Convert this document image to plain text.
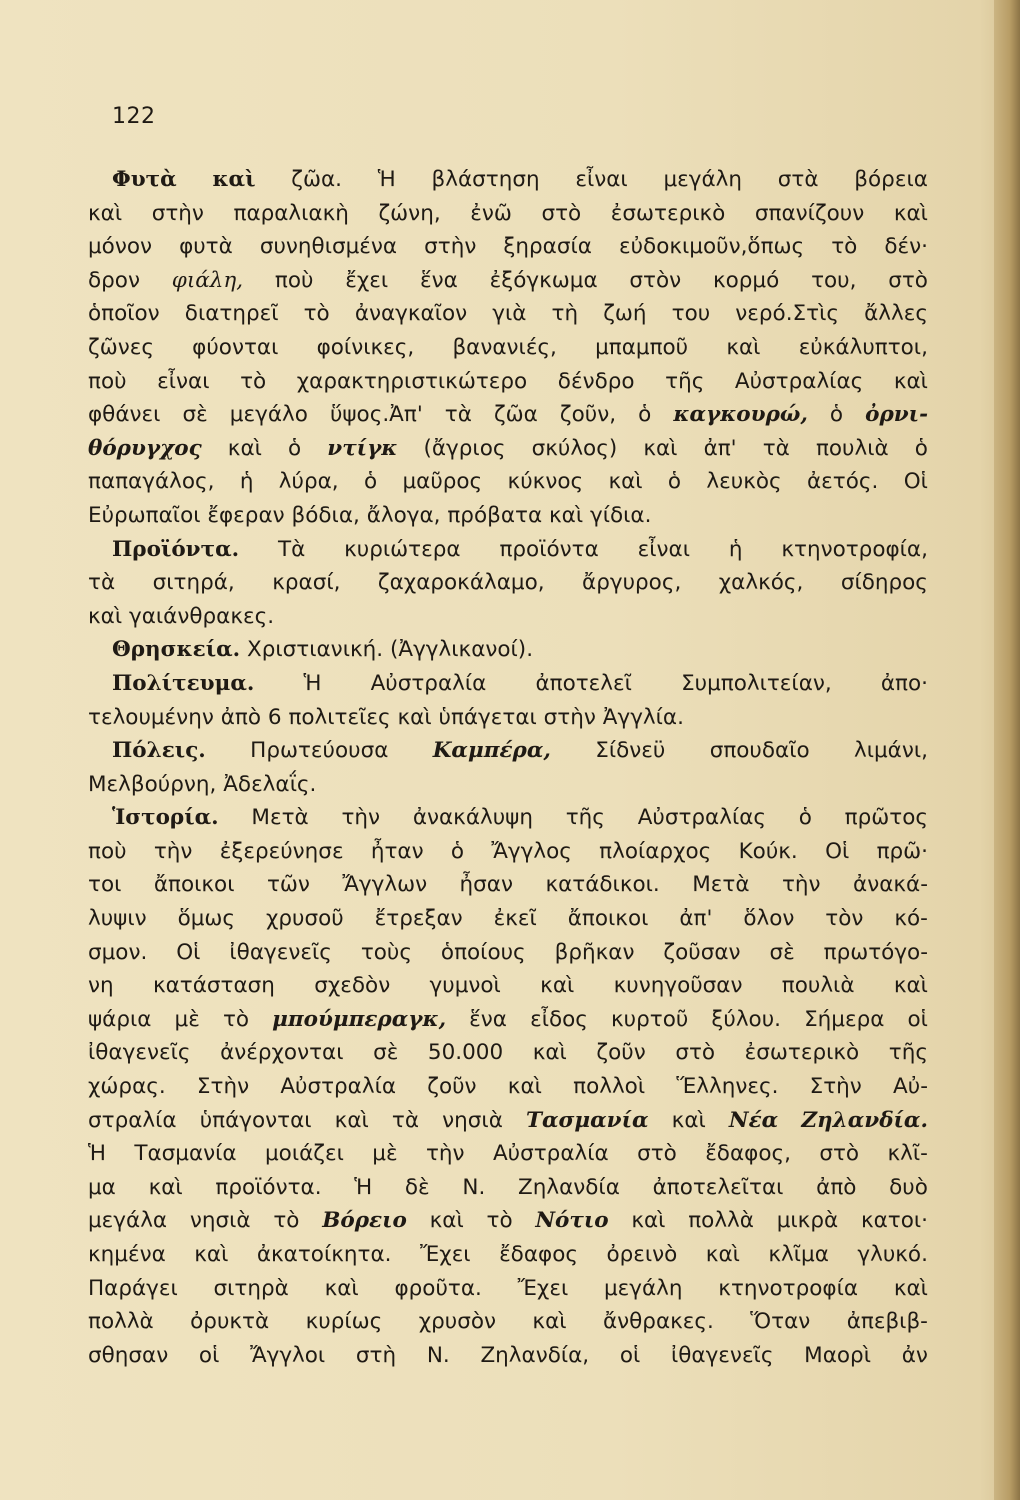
122
Φυτὰ καὶ ζῶα. Ἡ βλάστηση εἶναι μεγάλη στὰ βόρεια
καὶ στὴν παραλιακὴ ζώνη, ἐνῶ στὸ ἐσωτερικὸ σπανίζουν καὶ
μόνον φυτὰ συνηθισμένα στὴν ξηρασία εὐδοκιμοῦν,ὅπως τὸ δέν·
δρον φιάλη, ποὺ ἔχει ἕνα ἐξόγκωμα στὸν κορμό του, στὸ
ὁποῖον διατηρεῖ τὸ ἀναγκαῖον γιὰ τὴ ζωή του νερό.Στὶς ἄλλες
ζῶνες φύονται φοίνικες, βανανιές, μπαμποῦ καὶ εὐκάλυπτοι,
ποὺ εἶναι τὸ χαρακτηριστικώτερο δένδρο τῆς Αὐστραλίας καὶ
φθάνει σὲ μεγάλο ὕψος.Ἀπ' τὰ ζῶα ζοῦν, ὁ καγκουρώ, ὁ ὀρνι-
θόρυγχος καὶ ὁ ντίγκ (ἄγριος σκύλος) καὶ ἀπ' τὰ πουλιὰ ὁ
παπαγάλος, ἡ λύρα, ὁ μαῦρος κύκνος καὶ ὁ λευκὸς ἀετός. Οἱ
Εὐρωπαῖοι ἔφεραν βόδια, ἄλογα, πρόβατα καὶ γίδια.
Προϊόντα. Τὰ κυριώτερα προϊόντα εἶναι ἡ κτηνοτροφία,
τὰ σιτηρά, κρασί, ζαχαροκάλαμο, ἄργυρος, χαλκός, σίδηρος
καὶ γαιάνθρακες.
Θρησκεία. Χριστιανική. (Ἀγγλικανοί).
Πολίτευμα. Ἡ Αὐστραλία ἀποτελεῖ Συμπολιτείαν, ἀπο·
τελουμένην ἀπὸ 6 πολιτεῖες καὶ ὑπάγεται στὴν Ἀγγλία.
Πόλεις. Πρωτεύουσα Καμπέρα, Σίδνεϋ σπουδαῖο λιμάνι,
Μελβούρνη, Ἀδελαΐς.
Ἱστορία. Μετὰ τὴν ἀνακάλυψη τῆς Αὐστραλίας ὁ πρῶτος
ποὺ τὴν ἐξερεύνησε ἦταν ὁ Ἄγγλος πλοίαρχος Κούκ. Οἱ πρῶ·
τοι ἄποικοι τῶν Ἄγγλων ἦσαν κατάδικοι. Μετὰ τὴν ἀνακά-
λυψιν ὅμως χρυσοῦ ἔτρεξαν ἐκεῖ ἄποικοι ἀπ' ὅλον τὸν κό-
σμον. Οἱ ἰθαγενεῖς τοὺς ὁποίους βρῆκαν ζοῦσαν σὲ πρωτόγο-
νη κατάσταση σχεδὸν γυμνοὶ καὶ κυνηγοῦσαν πουλιὰ καὶ
ψάρια μὲ τὸ μπούμπεραγκ, ἕνα εἶδος κυρτοῦ ξύλου. Σήμερα οἱ
ἰθαγενεῖς ἀνέρχονται σὲ 50.000 καὶ ζοῦν στὸ ἐσωτερικὸ τῆς
χώρας. Στὴν Αὐστραλία ζοῦν καὶ πολλοὶ Ἕλληνες. Στὴν Αὐ-
στραλία ὑπάγονται καὶ τὰ νησιὰ Τασμανία καὶ Νέα Ζηλανδία.
Ἡ Τασμανία μοιάζει μὲ τὴν Αὐστραλία στὸ ἔδαφος, στὸ κλῖ-
μα καὶ προϊόντα. Ἡ δὲ Ν. Ζηλανδία ἀποτελεῖται ἀπὸ δυὸ
μεγάλα νησιὰ τὸ Βόρειο καὶ τὸ Νότιο καὶ πολλὰ μικρὰ κατοι·
κημένα καὶ ἀκατοίκητα. Ἔχει ἔδαφος ὀρεινὸ καὶ κλῖμα γλυκό.
Παράγει σιτηρὰ καὶ φροῦτα. Ἔχει μεγάλη κτηνοτροφία καὶ
πολλὰ ὀρυκτὰ κυρίως χρυσὸν καὶ ἄνθρακες. Ὅταν ἀπεβιβ-
σθησαν οἱ Ἄγγλοι στὴ Ν. Ζηλανδία, οἱ ἰθαγενεῖς Μαορὶ ἀν
